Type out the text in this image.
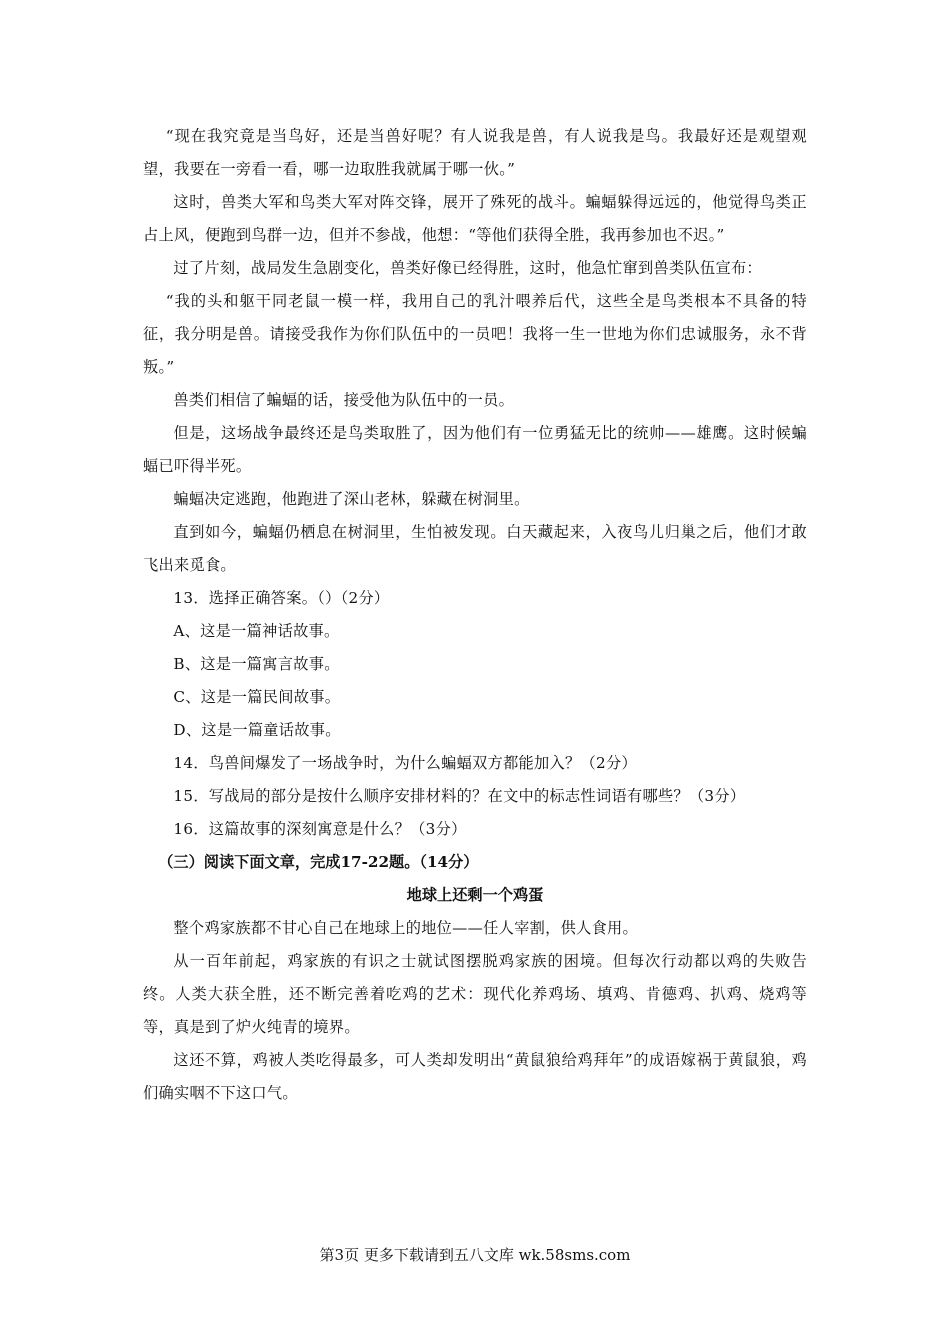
“现在我究竟是当鸟好，还是当兽好呢？有人说我是兽，有人说我是鸟。我最好还是观望观望，我要在一旁看一看，哪一边取胜我就属于哪一伙。”

这时，兽类大军和鸟类大军对阵交锋，展开了殊死的战斗。蝙蝠躲得远远的，他觉得鸟类正占上风，便跑到鸟群一边，但并不参战，他想：“等他们获得全胜，我再参加也不迟。”

过了片刻，战局发生急剧变化，兽类好像已经得胜，这时，他急忙窜到兽类队伍宣布：

“我的头和躯干同老鼠一模一样，我用自己的乳汁喂养后代，这些全是鸟类根本不具备的特征，我分明是兽。请接受我作为你们队伍中的一员吧！我将一生一世地为你们忠诚服务，永不背叛。”

兽类们相信了蝙蝠的话，接受他为队伍中的一员。

但是，这场战争最终还是鸟类取胜了，因为他们有一位勇猛无比的统帅——雄鹰。这时候蝙蝠已吓得半死。

蝙蝠决定逃跑，他跑进了深山老林，躲藏在树洞里。

直到如今，蝙蝠仍栖息在树洞里，生怕被发现。白天藏起来，入夜鸟儿归巢之后，他们才敢飞出来觅食。

13．选择正确答案。（）（2分）

A、这是一篇神话故事。

B、这是一篇寓言故事。

C、这是一篇民间故事。

D、这是一篇童话故事。

14．鸟兽间爆发了一场战争时，为什么蝙蝠双方都能加入？（2分）

15．写战局的部分是按什么顺序安排材料的？在文中的标志性词语有哪些？（3分）

16．这篇故事的深刻寓意是什么？（3分）

（三）阅读下面文章，完成17-22题。（14分）

地球上还剩一个鸡蛋

整个鸡家族都不甘心自己在地球上的地位——任人宰割，供人食用。

从一百年前起，鸡家族的有识之士就试图摆脱鸡家族的困境。但每次行动都以鸡的失败告终。人类大获全胜，还不断完善着吃鸡的艺术：现代化养鸡场、填鸡、肯德鸡、扒鸡、烧鸡等等，真是到了炉火纯青的境界。

这还不算，鸡被人类吃得最多，可人类却发明出“黄鼠狼给鸡拜年”的成语嫁祸于黄鼠狼，鸡们确实咽不下这口气。

第3页 更多下载请到五八文库 wk.58sms.com
